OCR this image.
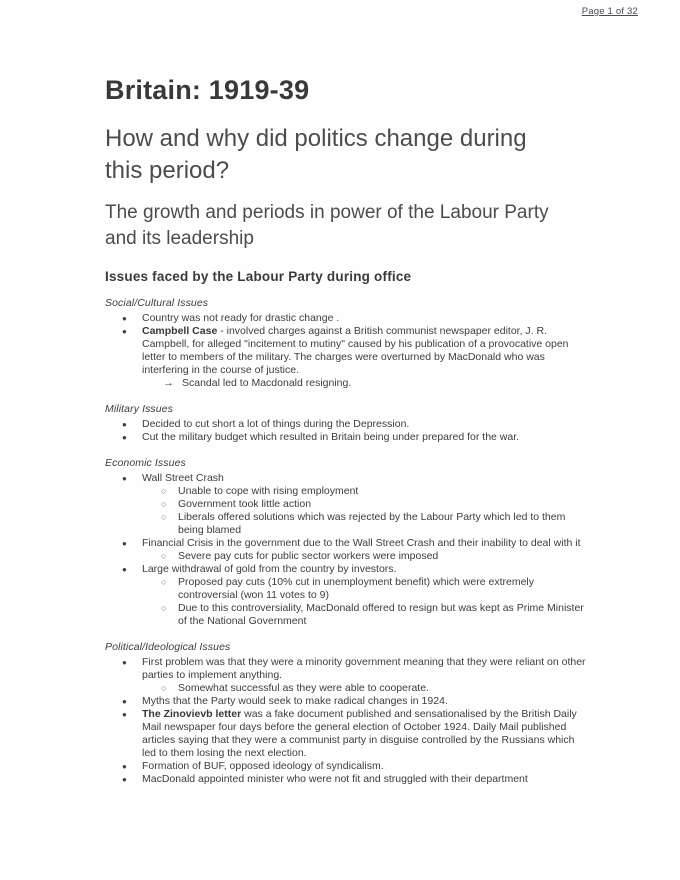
Page 1 of 32
Britain: 1919-39
How and why did politics change during this period?
The growth and periods in power of the Labour Party and its leadership
Issues faced by the Labour Party during office
Social/Cultural Issues
● Country was not ready for drastic change .
● Campbell Case - involved charges against a British communist newspaper editor, J. R. Campbell, for alleged "incitement to mutiny" caused by his publication of a provocative open letter to members of the military. The charges were overturned by MacDonald who was interfering in the course of justice.
→ Scandal led to Macdonald resigning.
Military Issues
● Decided to cut short a lot of things during the Depression.
● Cut the military budget which resulted in Britain being under prepared for the war.
Economic Issues
● Wall Street Crash
○ Unable to cope with rising employment
○ Government took little action
○ Liberals offered solutions which was rejected by the Labour Party which led to them being blamed
● Financial Crisis in the government due to the Wall Street Crash and their inability to deal with it
○ Severe pay cuts for public sector workers were imposed
● Large withdrawal of gold from the country by investors.
○ Proposed pay cuts (10% cut in unemployment benefit) which were extremely controversial (won 11 votes to 9)
○ Due to this controversiality, MacDonald offered to resign but was kept as Prime Minister of the National Government
Political/Ideological Issues
● First problem was that they were a minority government meaning that they were reliant on other parties to implement anything.
○ Somewhat successful as they were able to cooperate.
● Myths that the Party would seek to make radical changes in 1924.
● The Zinovievb letter was a fake document published and sensationalised by the British Daily Mail newspaper four days before the general election of October 1924. Daily Mail published articles saying that they were a communist party in disguise controlled by the Russians which led to them losing the next election.
● Formation of BUF, opposed ideology of syndicalism.
● MacDonald appointed minister who were not fit and struggled with their department
